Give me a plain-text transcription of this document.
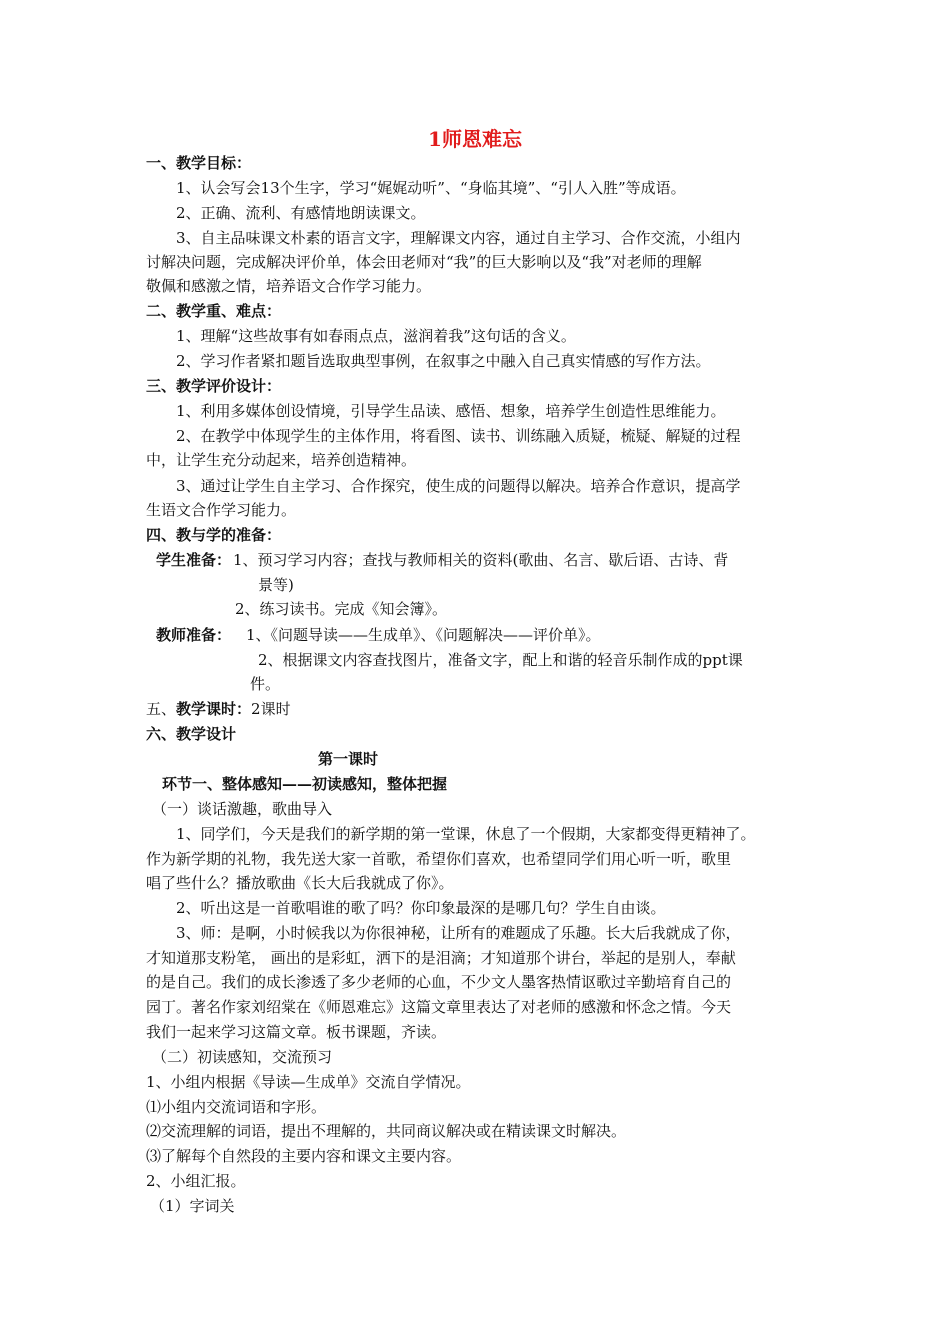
1师恩难忘
一、教学目标：
1、认会写会13个生字，学习“娓娓动听”、“身临其境”、“引人入胜”等成语。
2、正确、流利、有感情地朗读课文。
3、自主品味课文朴素的语言文字，理解课文内容，通过自主学习、合作交流，小组内
讨解决问题，完成解决评价单，体会田老师对“我”的巨大影响以及“我”对老师的理解
敬佩和感激之情，培养语文合作学习能力。
二、教学重、难点：
1、理解“这些故事有如春雨点点，滋润着我”这句话的含义。
2、学习作者紧扣题旨选取典型事例，在叙事之中融入自己真实情感的写作方法。
三、教学评价设计：
1、利用多媒体创设情境，引导学生品读、感悟、想象，培养学生创造性思维能力。
2、在教学中体现学生的主体作用，将看图、读书、训练融入质疑，梳疑、解疑的过程
中，让学生充分动起来，培养创造精神。
3、通过让学生自主学习、合作探究，使生成的问题得以解决。培养合作意识，提高学
生语文合作学习能力。
四、教与学的准备：
学生准备： 1、预习学习内容；查找与教师相关的资料(歌曲、名言、歇后语、古诗、背
景等)
2、练习读书。完成《知会簿》。
教师准备： 1、《问题导读——生成单》、《问题解决——评价单》。
2、根据课文内容查找图片，准备文字，配上和谐的轻音乐制作成的ppt课
件。
五、教学课时：2课时
六、教学设计
第一课时
环节一、整体感知——初读感知，整体把握
（一）谈话激趣，歌曲导入
1、同学们，今天是我们的新学期的第一堂课，休息了一个假期，大家都变得更精神了。
作为新学期的礼物，我先送大家一首歌，希望你们喜欢，也希望同学们用心听一听，歌里
唱了些什么？播放歌曲《长大后我就成了你》。
2、听出这是一首歌唱谁的歌了吗？你印象最深的是哪几句？学生自由谈。
3、师：是啊，小时候我以为你很神秘，让所有的难题成了乐趣。长大后我就成了你，
才知道那支粉笔， 画出的是彩虹，洒下的是泪滴；才知道那个讲台，举起的是别人，奉献
的是自己。我们的成长渗透了多少老师的心血，不少文人墨客热情讴歌过辛勤培育自己的
园丁。著名作家刘绍棠在《师恩难忘》这篇文章里表达了对老师的感激和怀念之情。今天
我们一起来学习这篇文章。板书课题，齐读。
（二）初读感知，交流预习
1、小组内根据《导读—生成单》交流自学情况。
⑴小组内交流词语和字形。
⑵交流理解的词语，提出不理解的，共同商议解决或在精读课文时解决。
⑶了解每个自然段的主要内容和课文主要内容。
2、小组汇报。
（1）字词关
